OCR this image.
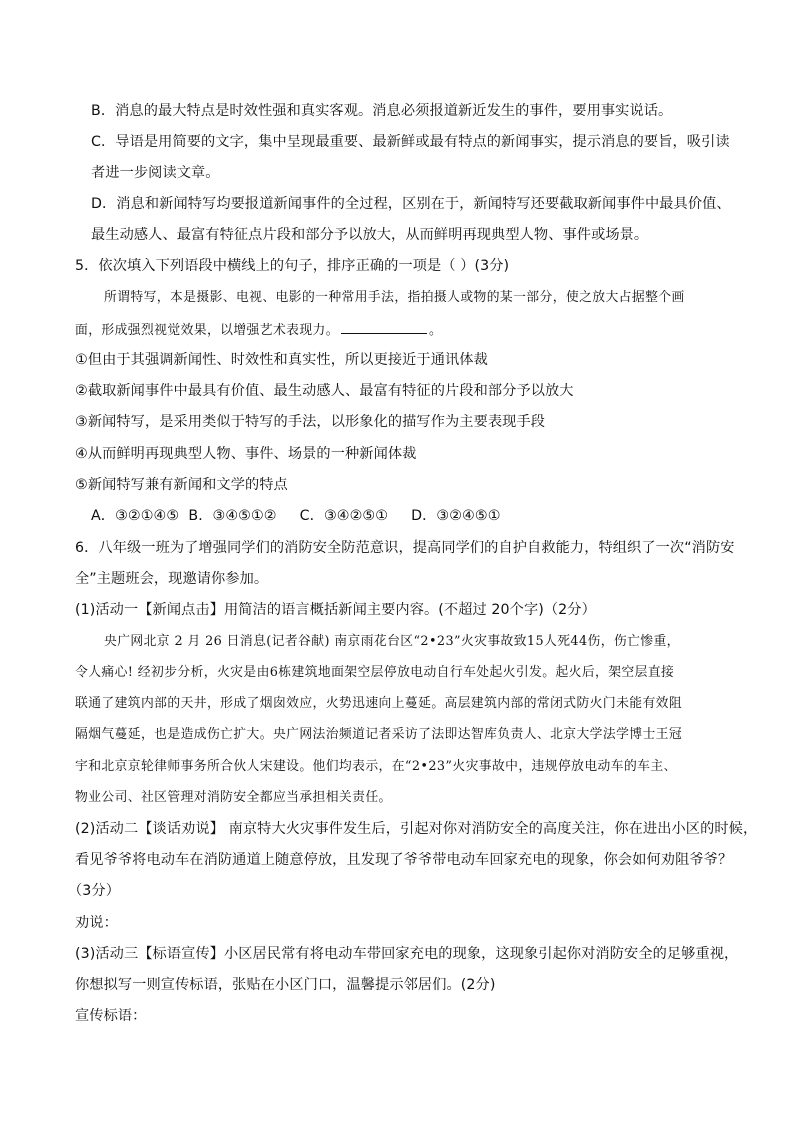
B．消息的最大特点是时效性强和真实客观。消息必须报道新近发生的事件，要用事实说话。
C．导语是用简要的文字，集中呈现最重要、最新鲜或最有特点的新闻事实，提示消息的要旨，吸引读
者进一步阅读文章。
D．消息和新闻特写均要报道新闻事件的全过程，区别在于，新闻特写还要截取新闻事件中最具价值、
最生动感人、最富有特征点片段和部分予以放大，从而鲜明再现典型人物、事件或场景。
5．依次填入下列语段中横线上的句子，排序正确的一项是（ ）(3分)
所谓特写，本是摄影、电视、电影的一种常用手法，指拍摄人或物的某一部分，使之放大占据整个画
面，形成强烈视觉效果，以增强艺术表现力。	。
①但由于其强调新闻性、时效性和真实性，所以更接近于通讯体裁
②截取新闻事件中最具有价值、最生动感人、最富有特征的片段和部分予以放大
③新闻特写，是采用类似于特写的手法，以形象化的描写作为主要表现手段
④从而鲜明再现典型人物、事件、场景的一种新闻体裁
⑤新闻特写兼有新闻和文学的特点
A．③②①④⑤  B．③④⑤①②     C．③④②⑤①     D．③②④⑤①
6．八年级一班为了增强同学们的消防安全防范意识，提高同学们的自护自救能力，特组织了一次“消防安
全”主题班会，现邀请你参加。
(1)活动一【新闻点击】用简洁的语言概括新闻主要内容。(不超过 20个字)（2分）
央广网北京 2 月 26 日消息(记者谷献) 南京雨花台区“2•23”火灾事故致15人死44伤，伤亡惨重，
令人痛心! 经初步分析，火灾是由6栋建筑地面架空层停放电动自行车处起火引发。起火后，架空层直接
联通了建筑内部的天井，形成了烟囱效应，火势迅速向上蔓延。高层建筑内部的常闭式防火门未能有效阻
隔烟气蔓延，也是造成伤亡扩大。央广网法治频道记者采访了法即达智库负责人、北京大学法学博士王冠
宇和北京京轮律师事务所合伙人宋建设。他们均表示，在“2•23”火灾事故中，违规停放电动车的车主、
物业公司、社区管理对消防安全都应当承担相关责任。
(2)活动二【谈话劝说】 南京特大火灾事件发生后，引起对你对消防安全的高度关注，你在进出小区的时候，
看见爷爷将电动车在消防通道上随意停放，且发现了爷爷带电动车回家充电的现象，你会如何劝阻爷爷？
（3分）
劝说：
(3)活动三【标语宣传】小区居民常有将电动车带回家充电的现象，这现象引起你对消防安全的足够重视，
你想拟写一则宣传标语，张贴在小区门口，温馨提示邻居们。(2分)
宣传标语：
